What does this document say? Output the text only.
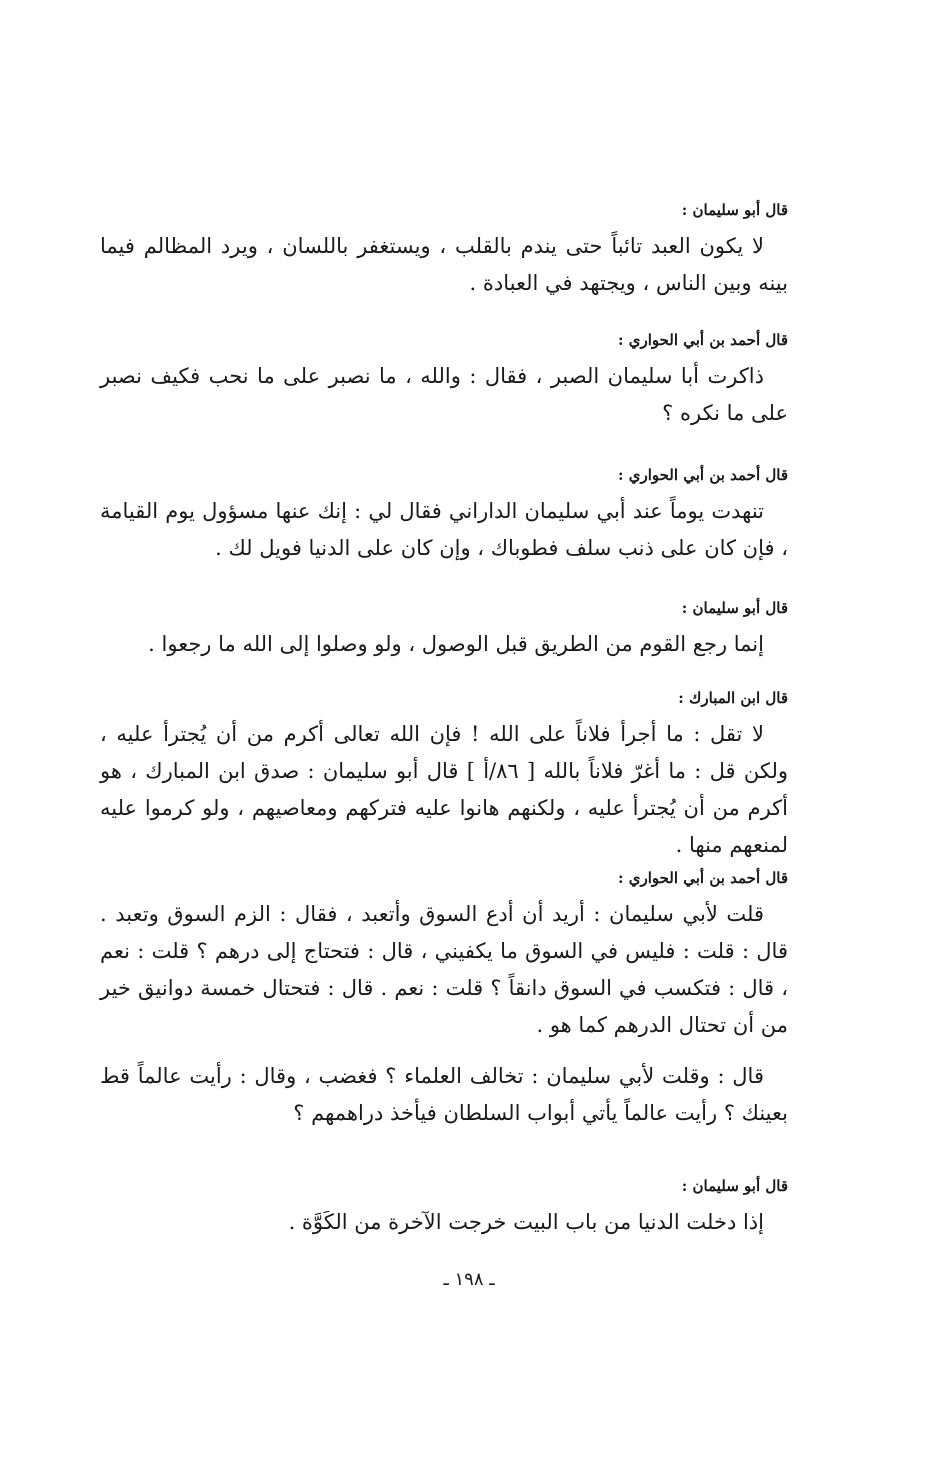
قال أبو سليمان :

لا يكون العبد تائباً حتى يندم بالقلب ، ويستغفر باللسان ، ويرد المظالم فيما بينه وبين الناس ، ويجتهد في العبادة .

قال أحمد بن أبي الحواري :

ذاكرت أبا سليمان الصبر ، فقال : والله ، ما نصبر على ما نحب فكيف نصبر على ما نكره ؟

قال أحمد بن أبي الحواري :

تنهدت يوماً عند أبي سليمان الداراني فقال لي : إنك عنها مسؤول يوم القيامة ، فإن كان على ذنب سلف فطوباك ، وإن كان على الدنيا فويل لك .

قال أبو سليمان :

إنما رجع القوم من الطريق قبل الوصول ، ولو وصلوا إلى الله ما رجعوا .

قال ابن المبارك :

لا تقل : ما أجرأ فلاناً على الله ! فإن الله تعالى أكرم من أن يُجترأ عليه ، ولكن قل : ما أغرّ فلاناً بالله [ ٨٦/أ ] قال أبو سليمان : صدق ابن المبارك ، هو أكرم من أن يُجترأ عليه ، ولكنهم هانوا عليه فتركهم ومعاصيهم ، ولو كرموا عليه لمنعهم منها .

قال أحمد بن أبي الحواري :

قلت لأبي سليمان : أريد أن أدع السوق وأتعبد ، فقال : الزم السوق وتعبد . قال : قلت : فليس في السوق ما يكفيني ، قال : فتحتاج إلى درهم ؟ قلت : نعم ، قال : فتكسب في السوق دانقاً ؟ قلت : نعم . قال : فتحتال خمسة دوانيق خير من أن تحتال الدرهم كما هو .

قال : وقلت لأبي سليمان : تخالف العلماء ؟ فغضب ، وقال : رأيت عالماً قط بعينك ؟ رأيت عالماً يأتي أبواب السلطان فيأخذ دراهمهم ؟

قال أبو سليمان :

إذا دخلت الدنيا من باب البيت خرجت الآخرة من الكَوَّة .

ـ ١٩٨ ـ
